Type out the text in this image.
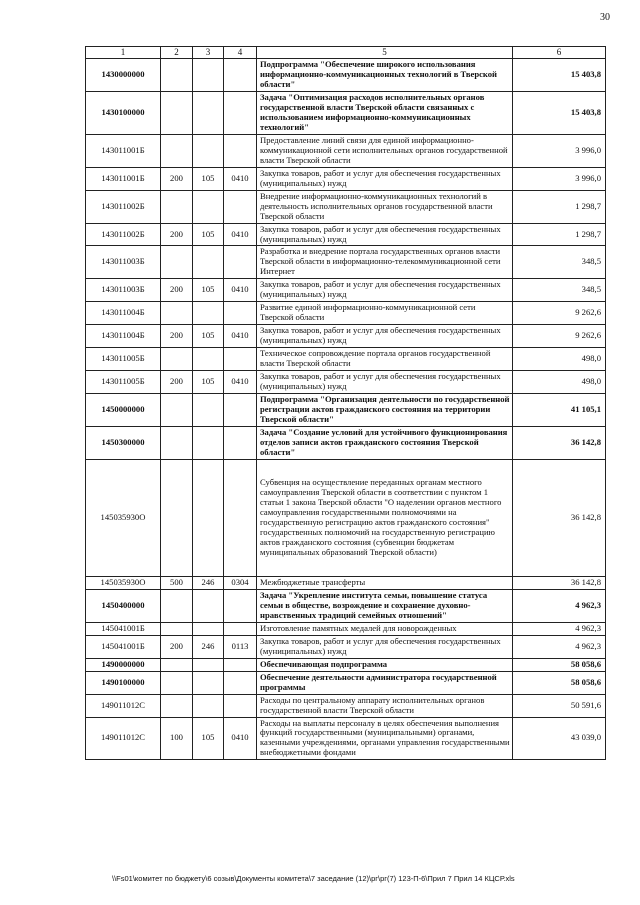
30
1	2	3	4	5	6
1430000000				Подпрограмма "Обеспечение широкого использования информационно-коммуникационных технологий в Тверской области"	15 403,8
1430100000				Задача "Оптимизация расходов исполнительных органов государственной власти Тверской области связанных с использованием информационно-коммуникационных технологий"	15 403,8
143011001Б				Предоставление линий связи для единой информационно-коммуникационной сети исполнительных органов государственной власти Тверской области	3 996,0
143011001Б	200	105	0410	Закупка товаров, работ и услуг для обеспечения государственных (муниципальных) нужд	3 996,0
143011002Б				Внедрение информационно-коммуникационных технологий в деятельность исполнительных органов государственной власти Тверской области	1 298,7
143011002Б	200	105	0410	Закупка товаров, работ и услуг для обеспечения государственных (муниципальных) нужд	1 298,7
143011003Б				Разработка и внедрение портала государственных органов власти Тверской области в информационно-телекоммуникационной сети Интернет	348,5
143011003Б	200	105	0410	Закупка товаров, работ и услуг для обеспечения государственных (муниципальных) нужд	348,5
143011004Б				Развитие единой информационно-коммуникационной сети Тверской области	9 262,6
143011004Б	200	105	0410	Закупка товаров, работ и услуг для обеспечения государственных (муниципальных) нужд	9 262,6
143011005Б				Техническое сопровождение портала органов государственной власти Тверской области	498,0
143011005Б	200	105	0410	Закупка товаров, работ и услуг для обеспечения государственных (муниципальных) нужд	498,0
1450000000				Подпрограмма "Организация деятельности по государственной регистрации актов гражданского состояния на территории Тверской области"	41 105,1
1450300000				Задача "Создание условий для устойчивого функционирования отделов записи актов гражданского состояния Тверской области"	36 142,8
145035930О				Субвенция на осуществление переданных органам местного самоуправления Тверской области в соответствии с пунктом 1 статьи 1 закона Тверской области "О наделении органов местного самоуправления государственными полномочиями на государственную регистрацию актов гражданского состояния" государственных полномочий на государственную регистрацию актов гражданского состояния (субвенции бюджетам муниципальных образований Тверской области)	36 142,8
145035930О	500	246	0304	Межбюджетные трансферты	36 142,8
1450400000				Задача "Укрепление института семьи, повышение статуса семьи в обществе, возрождение и сохранение духовно-нравственных традиций семейных отношений"	4 962,3
145041001Б				Изготовление памятных медалей для новорожденных	4 962,3
145041001Б	200	246	0113	Закупка товаров, работ и услуг для обеспечения государственных (муниципальных) нужд	4 962,3
1490000000				Обеспечивающая подпрограмма	58 058,6
1490100000				Обеспечение деятельности администратора государственной программы	58 058,6
149011012С				Расходы по центральному аппарату исполнительных органов государственной власти Тверской области	50 591,6
149011012С	100	105	0410	Расходы на выплаты персоналу в целях обеспечения выполнения функций государственными (муниципальными) органами, казенными учреждениями, органами управления государственными внебюджетными фондами	43 039,0
\\Fs01\комитет по бюджету\6 созыв\Документы комитета\7 заседание (12)\рг\рг(7) 123-П-6\Прил 7 Прил 14 КЦСР.xls
